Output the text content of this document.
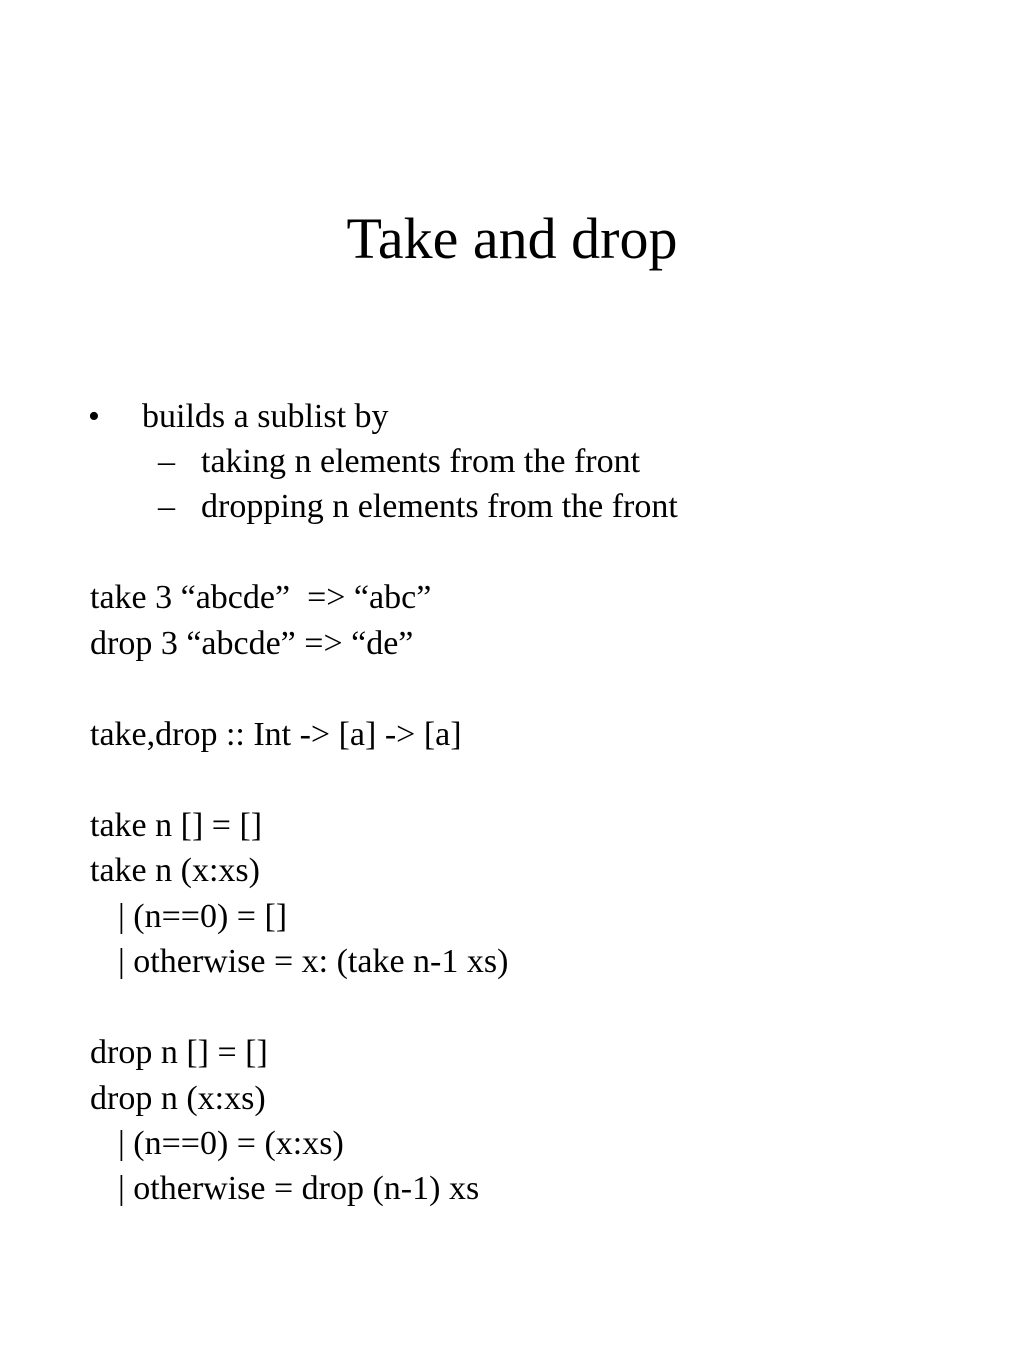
Take and drop
• builds a sublist by
– taking n elements from the front
– dropping n elements from the front
take 3 “abcde”  => “abc”
drop 3 “abcde” => “de”
take,drop :: Int -> [a] -> [a]
take n [] = []
take n (x:xs)
| (n==0) = []
| otherwise = x: (take n-1 xs)
drop n [] = []
drop n (x:xs)
| (n==0) = (x:xs)
| otherwise = drop (n-1) xs
